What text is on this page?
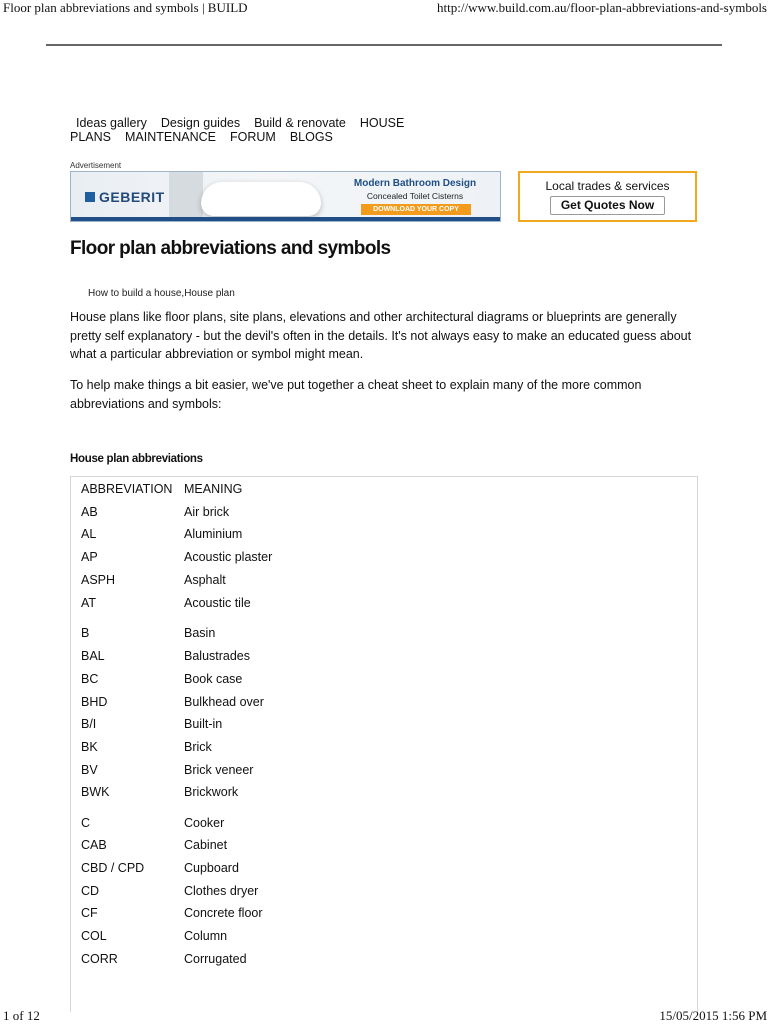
Floor plan abbreviations and symbols | BUILD	http://www.build.com.au/floor-plan-abbreviations-and-symbols
Ideas gallery Design guides Build & renovate HOUSE
PLANS MAINTENANCE FORUM BLOGS
Advertisement
GEBERIT
Modern Bathroom Design
Concealed Toilet Cisterns
DOWNLOAD YOUR COPY
Local trades & services
Get Quotes Now
Floor plan abbreviations and symbols
How to build a house,House plan

House plans like floor plans, site plans, elevations and other architectural diagrams or blueprints are generally pretty self explanatory - but the devil's often in the details. It's not always easy to make an educated guess about what a particular abbreviation or symbol might mean.

To help make things a bit easier, we've put together a cheat sheet to explain many of the more common abbreviations and symbols:

House plan abbreviations
ABBREVIATION MEANING
AB	Air brick
AL	Aluminium
AP	Acoustic plaster
ASPH	Asphalt
AT	Acoustic tile
B	Basin
BAL	Balustrades
BC	Book case
BHD	Bulkhead over
B/I	Built-in
BK	Brick
BV	Brick veneer
BWK	Brickwork
C	Cooker
CAB	Cabinet
CBD / CPD	Cupboard
CD	Clothes dryer
CF	Concrete floor
COL	Column
CORR	Corrugated
1 of 12	15/05/2015 1:56 PM
